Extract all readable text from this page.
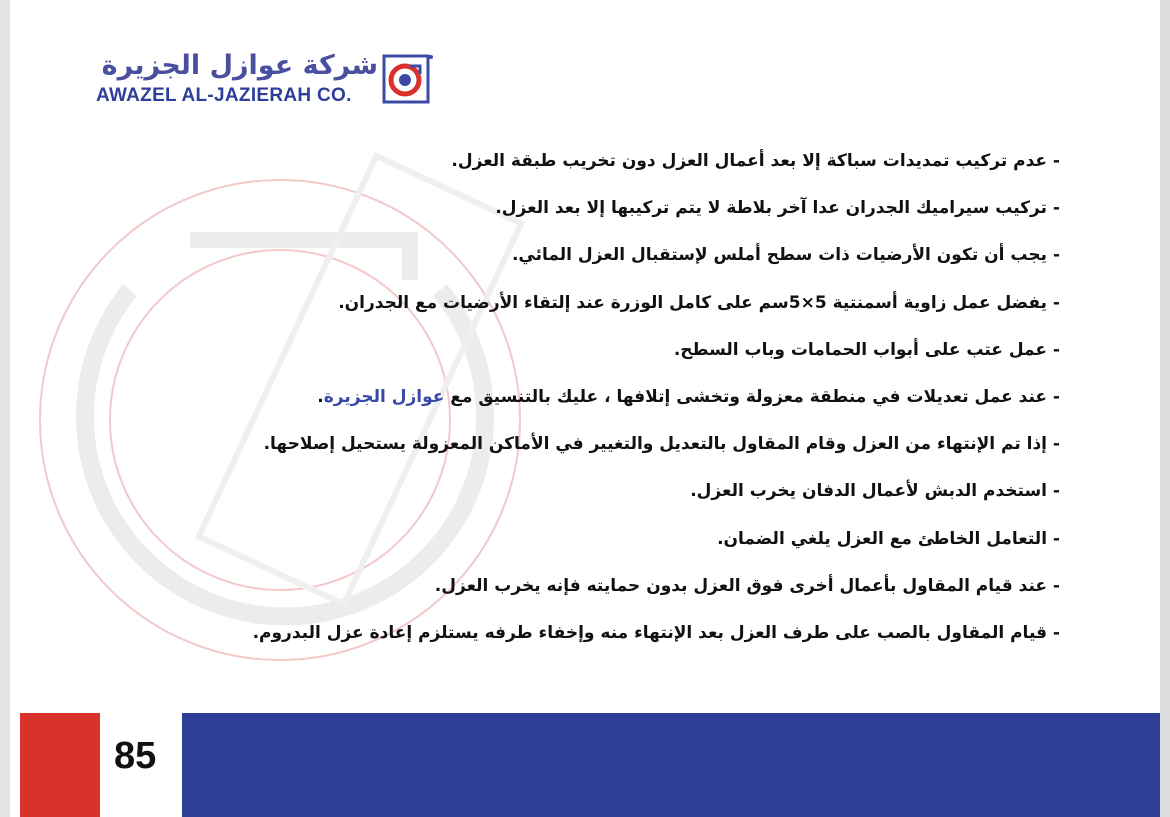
شركة عوازل الجزيرة
AWAZEL AL-JAZIERAH CO.
- عدم تركيب تمديدات سباكة إلا بعد أعمال العزل دون تخريب طبقة العزل.
- تركيب سيراميك الجدران عدا آخر بلاطة لا يتم تركيبها إلا بعد العزل.
- يجب أن تكون الأرضيات ذات سطح أملس لإستقبال العزل المائي.
- يفضل عمل زاوية أسمنتية 5×5سم على كامل الوزرة عند إلتقاء الأرضيات مع الجدران.
- عمل عتب على أبواب الحمامات وباب السطح.
- عند عمل تعديلات في منطقة معزولة وتخشى إتلافها ، عليك بالتنسيق مع عوازل الجزيرة.
- إذا تم الإنتهاء من العزل وقام المقاول بالتعديل والتغيير في الأماكن المعزولة يستحيل إصلاحها.
- استخدم الدبش لأعمال الدفان يخرب العزل.
- التعامل الخاطئ مع العزل يلغي الضمان.
- عند قيام المقاول بأعمال أخرى فوق العزل بدون حمايته فإنه يخرب العزل.
- قيام المقاول بالصب على طرف العزل بعد الإنتهاء منه وإخفاء طرفه يستلزم إعادة عزل البدروم.
85
